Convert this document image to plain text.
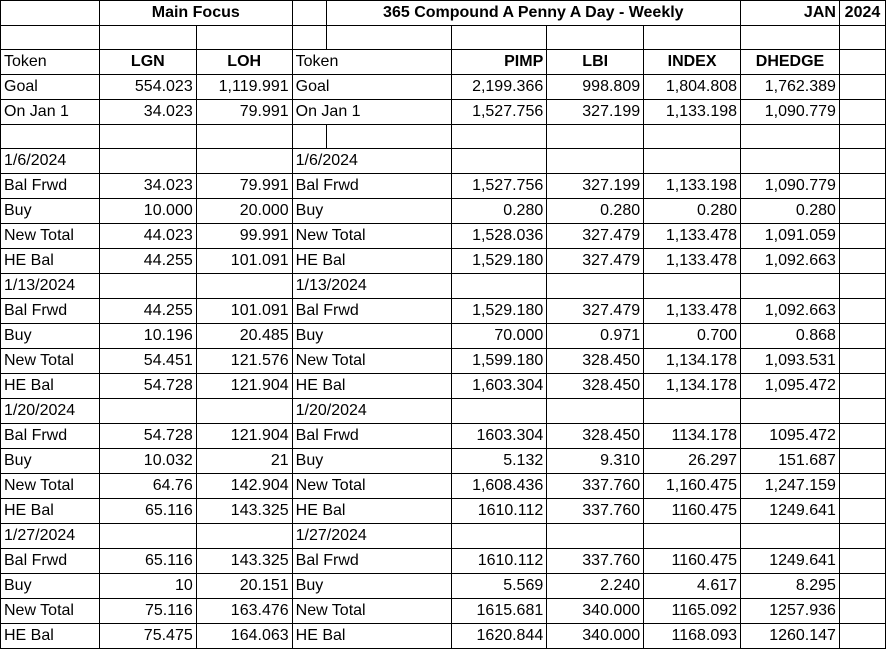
	Main Focus			365 Compound A Penny A Day - Weekly				JAN	2024

Token	LGN	LOH	Token		PIMP	LBI	INDEX	DHEDGE	
Goal	554.023	1,119.991	Goal		2,199.366	998.809	1,804.808	1,762.389	
On Jan 1	34.023	79.991	On Jan 1		1,527.756	327.199	1,133.198	1,090.779	

1/6/2024			1/6/2024						
Bal Frwd	34.023	79.991	Bal Frwd		1,527.756	327.199	1,133.198	1,090.779	
Buy	10.000	20.000	Buy		0.280	0.280	0.280	0.280	
New Total	44.023	99.991	New Total		1,528.036	327.479	1,133.478	1,091.059	
HE Bal	44.255	101.091	HE Bal		1,529.180	327.479	1,133.478	1,092.663	
1/13/2024			1/13/2024						
Bal Frwd	44.255	101.091	Bal Frwd		1,529.180	327.479	1,133.478	1,092.663	
Buy	10.196	20.485	Buy		70.000	0.971	0.700	0.868	
New Total	54.451	121.576	New Total		1,599.180	328.450	1,134.178	1,093.531	
HE Bal	54.728	121.904	HE Bal		1,603.304	328.450	1,134.178	1,095.472	
1/20/2024			1/20/2024						
Bal Frwd	54.728	121.904	Bal Frwd		1603.304	328.450	1134.178	1095.472	
Buy	10.032	21	Buy		5.132	9.310	26.297	151.687	
New Total	64.76	142.904	New Total		1,608.436	337.760	1,160.475	1,247.159	
HE Bal	65.116	143.325	HE Bal		1610.112	337.760	1160.475	1249.641	
1/27/2024			1/27/2024						
Bal Frwd	65.116	143.325	Bal Frwd		1610.112	337.760	1160.475	1249.641	
Buy	10	20.151	Buy		5.569	2.240	4.617	8.295	
New Total	75.116	163.476	New Total		1615.681	340.000	1165.092	1257.936	
HE Bal	75.475	164.063	HE Bal		1620.844	340.000	1168.093	1260.147	
